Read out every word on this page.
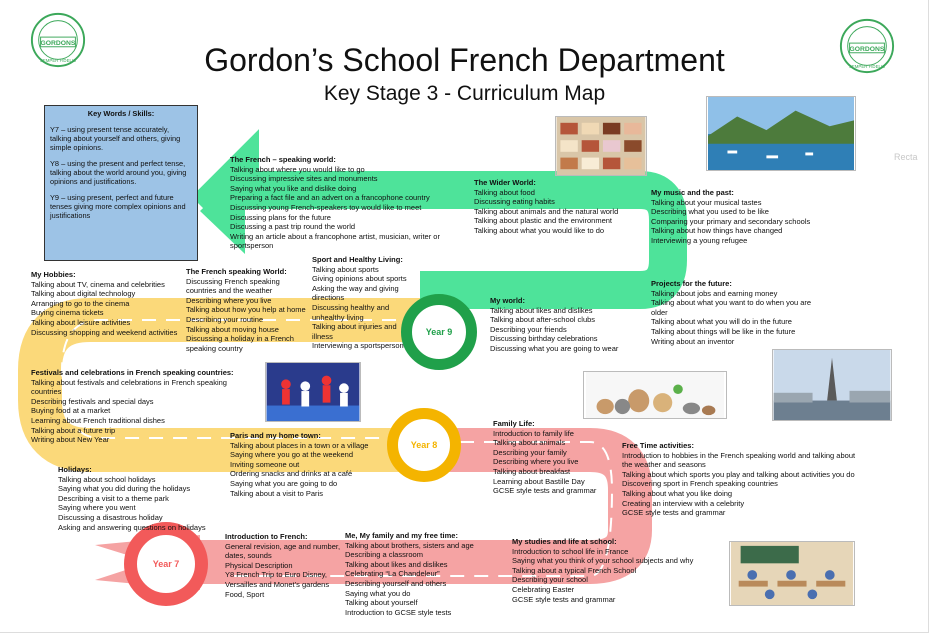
GORDONS
SEMPER FIDELIS
GORDONS
SEMPER FIDELIS
Gordon’s School French Department
Key Stage 3 - Curriculum Map
Recta
Key Words / Skills:

Y7 – using present tense accurately, talking about yourself and others, giving simple opinions.

Y8 – using the present and perfect tense, talking about the world around you, giving opinions and justifications.

Y9 – using present, perfect and future tenses giving more complex opinions and justifications

Year 9
Year 8
Year 7
The French – speaking world:
Talking about where you would like to go
Discussing impressive sites and monuments
Saying what you like and dislike doing
Preparing a fact file and an advert on a francophone country
Discussing young French-speakers toy would like to meet
Discussing plans for the future
Discussing a past trip round the world
Writing an article about a francophone artist, musician, writer or sportsperson
The Wider World:
Talking about food
Discussing eating habits
Talking about animals and the natural world
Talking about plastic and the environment
Talking about what you would like to do
My music and the past:
Talking about your musical tastes
Describing what you used to be like
Comparing your primary and secondary schools
Talking about how things have changed
Interviewing a young refugee
My Hobbies:
Talking about TV, cinema and celebrities
Talking about digital technology
Arranging to go to the cinema
Buying cinema tickets
Talking about leisure activities
Discussing shopping and weekend activities
The French speaking World:
Discussing French speaking countries and the weather
Describing where you live
Talking about how you help at home
Describing your routine
Talking about moving house
Discussing a holiday in a French speaking country
Sport and Healthy Living:
Talking about sports
Giving opinions about sports
Asking the way and giving directions
Discussing healthy and unhealthy living
Talking about injuries and illness
Interviewing a sportsperson
My world:
Talking about likes and dislikes
Talking about after-school clubs
Describing your friends
Discussing birthday celebrations
Discussing what you are going to wear
Projects for the future:
Talking about jobs and earning money
Talking about what you want to do when you are older
Talking about what you will do in the future
Talking about things will be like in the future
Writing about an inventor
Festivals and celebrations in French speaking countries:
Talking about festivals and celebrations in French speaking countries
Describing festivals and special days
Buying food at a market
Learning about French traditional dishes
Talking about a future trip
Writing about New Year	Paris and my home town:
Talking about places in a town or a village
Saying where you go at the weekend
Inviting someone out
Ordering snacks and drinks at a café
Saying what you are going to do
Talking about a visit to Paris
Family Life:
Introduction to family life
Talking about animals
Describing your family
Describing where you live
Talking about breakfast
Learning about Bastille Day
GCSE style tests and grammar
Free Time activities:
Introduction to hobbies in the French speaking world and talking about the weather and seasons
Talking about which sports you play and talking about activities you do
Discovering sport in French speaking countries
Talking about what you like doing
Creating an interview with a celebrity
GCSE style tests and grammar
Holidays:
Talking about school holidays
Saying what you did during the holidays
Describing a visit to a theme park
Saying where you went
Discussing a disastrous holiday
Asking and answering questions on holidays
Introduction to French:
General revision, age and number, dates, sounds
Physical Description
Y8 French Trip to Euro Disney, Versailles and Monet’s gardens
Food, Sport
Me, My family and my free time:
Talking about brothers, sisters and age
Describing a classroom
Talking about likes and dislikes
Celebrating “La Chandeleur”
Describing yourself and others
Saying what you do
Talking about yourself
Introduction to GCSE style tests
My studies and life at school:
Introduction to school life in France
Saying what you think of your school subjects and why
Talking about a typical French School
Describing your school
Celebrating Easter
GCSE style tests and grammar
